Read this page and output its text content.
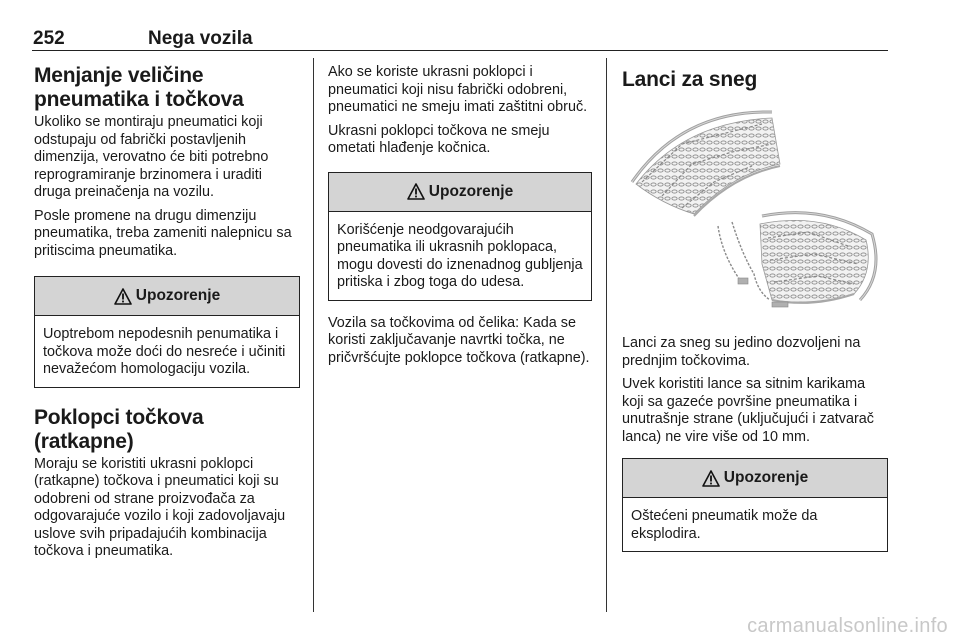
252	Nega vozila
Menjanje veličine pneumatika i točkova

Ukoliko se montiraju pneumatici koji odstupaju od fabrički postavljenih dimenzija, verovatno će biti potrebno reprogramiranje brzinomera i uraditi druga preinačenja na vozilu.

Posle promene na drugu dimenziju pneumatika, treba zameniti nalepnicu sa pritiscima pneumatika.

Upozorenje
Uoptrebom nepodesnih penumatika i točkova može doći do nesreće i učiniti nevažećom homologaciju vozila.
Poklopci točkova (ratkapne)

Moraju se koristiti ukrasni poklopci (ratkapne) točkova i pneumatici koji su odobreni od strane proizvođača za odgovarajuće vozilo i koji zadovoljavaju uslove svih pripadajućih kombinacija točkova i pneumatika.

Ako se koriste ukrasni poklopci i pneumatici koji nisu fabrički odobreni, pneumatici ne smeju imati zaštitni obruč.

Ukrasni poklopci točkova ne smeju ometati hlađenje kočnica.

Upozorenje
Korišćenje neodgovarajućih pneumatika ili ukrasnih poklopaca, mogu dovesti do iznenadnog gubljenja pritiska i zbog toga do udesa.

Vozila sa točkovima od čelika: Kada se koristi zaključavanje navrtki točka, ne pričvršćujte poklopce točkova (ratkapne).

Lanci za sneg

Lanci za sneg su jedino dozvoljeni na prednjim točkovima.

Uvek koristiti lance sa sitnim karikama koji sa gazeće površine pneumatika i unutrašnje strane (uključujući i zatvarač lanca) ne vire više od 10 mm.

Upozorenje
Oštećeni pneumatik može da eksplodira.
carmanualsonline.info
